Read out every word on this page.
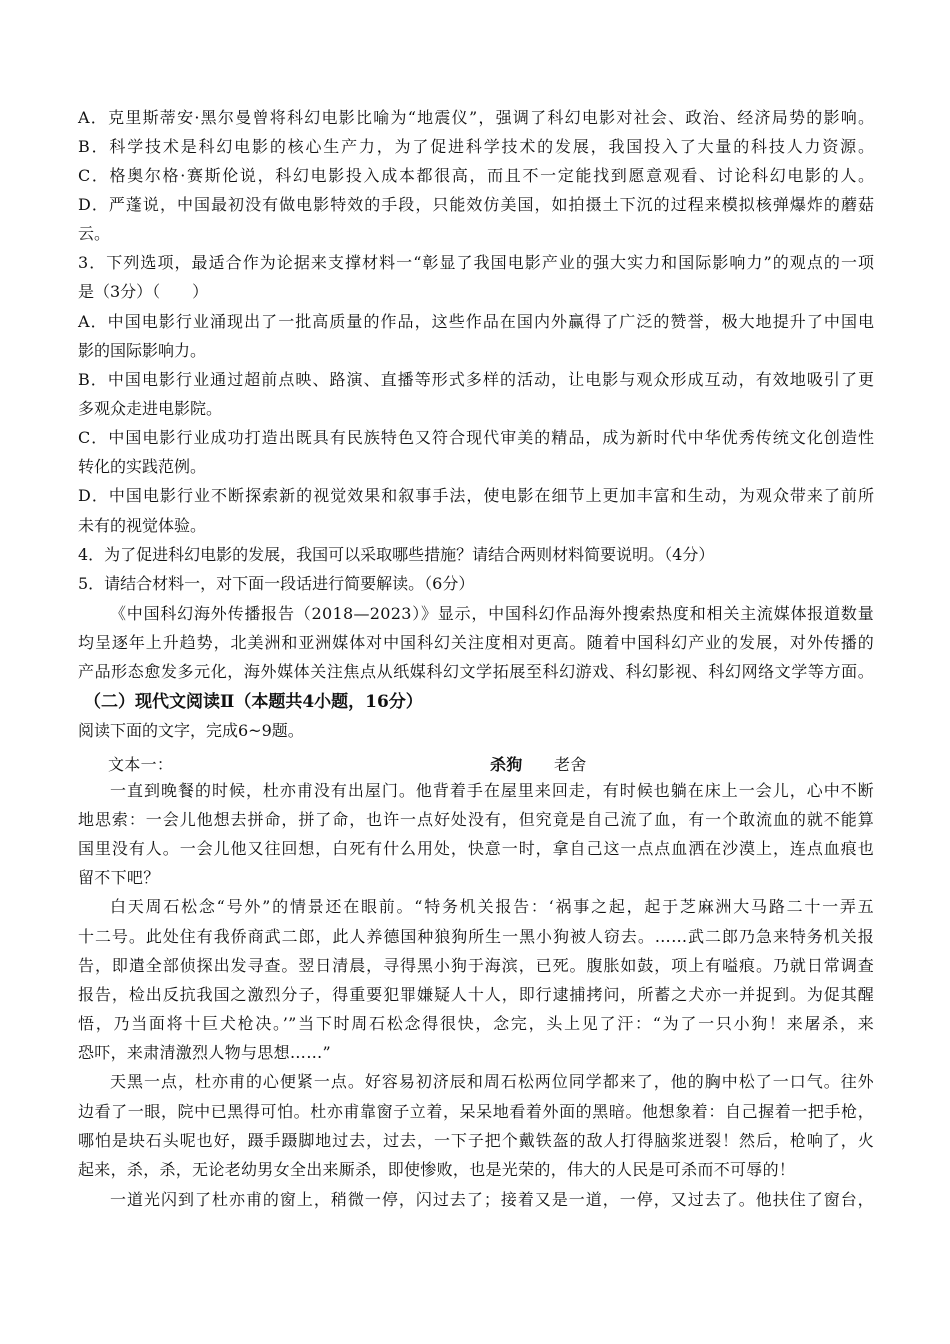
A．克里斯蒂安·黑尔曼曾将科幻电影比喻为“地震仪”，强调了科幻电影对社会、政治、经济局势的影响。

B．科学技术是科幻电影的核心生产力，为了促进科学技术的发展，我国投入了大量的科技人力资源。

C．格奥尔格·赛斯伦说，科幻电影投入成本都很高，而且不一定能找到愿意观看、讨论科幻电影的人。

D．严蓬说，中国最初没有做电影特效的手段，只能效仿美国，如拍摄土下沉的过程来模拟核弹爆炸的蘑菇

云。

3．下列选项，最适合作为论据来支撑材料一“彰显了我国电影产业的强大实力和国际影响力”的观点的一项

是（3分）（　　）

A．中国电影行业涌现出了一批高质量的作品，这些作品在国内外赢得了广泛的赞誉，极大地提升了中国电

影的国际影响力。

B．中国电影行业通过超前点映、路演、直播等形式多样的活动，让电影与观众形成互动，有效地吸引了更

多观众走进电影院。

C．中国电影行业成功打造出既具有民族特色又符合现代审美的精品，成为新时代中华优秀传统文化创造性

转化的实践范例。

D．中国电影行业不断探索新的视觉效果和叙事手法，使电影在细节上更加丰富和生动，为观众带来了前所

未有的视觉体验。

4．为了促进科幻电影的发展，我国可以采取哪些措施？请结合两则材料简要说明。（4分）

5．请结合材料一，对下面一段话进行简要解读。（6分）

《中国科幻海外传播报告（2018—2023）》显示，中国科幻作品海外搜索热度和相关主流媒体报道数量

均呈逐年上升趋势，北美洲和亚洲媒体对中国科幻关注度相对更高。随着中国科幻产业的发展，对外传播的

产品形态愈发多元化，海外媒体关注焦点从纸媒科幻文学拓展至科幻游戏、科幻影视、科幻网络文学等方面。

（二）现代文阅读Ⅱ（本题共4小题，16分）

阅读下面的文字，完成6~9题。

文本一：	杀狗 老舍

一直到晚餐的时候，杜亦甫没有出屋门。他背着手在屋里来回走，有时候也躺在床上一会儿，心中不断

地思索：一会儿他想去拼命，拼了命，也许一点好处没有，但究竟是自己流了血，有一个敢流血的就不能算

国里没有人。一会儿他又往回想，白死有什么用处，快意一时，拿自己这一点点血洒在沙漠上，连点血痕也

留不下吧？

白天周石松念“号外”的情景还在眼前。“特务机关报告：‘祸事之起，起于芝麻洲大马路二十一弄五

十二号。此处住有我侨商武二郎，此人养德国种狼狗所生一黑小狗被人窃去。……武二郎乃急来特务机关报

告，即遣全部侦探出发寻查。翌日清晨，寻得黑小狗于海滨，已死。腹胀如鼓，项上有嗌痕。乃就日常调查

报告，检出反抗我国之激烈分子，得重要犯罪嫌疑人十人，即行逮捕拷问，所蓄之犬亦一并捉到。为促其醒

悟，乃当面将十巨犬枪决。’”当下时周石松念得很快，念完，头上见了汗：“为了一只小狗！来屠杀，来

恐吓，来肃清激烈人物与思想……”

天黑一点，杜亦甫的心便紧一点。好容易初济辰和周石松两位同学都来了，他的胸中松了一口气。往外

边看了一眼，院中已黑得可怕。杜亦甫靠窗子立着，呆呆地看着外面的黑暗。他想象着：自己握着一把手枪，

哪怕是块石头呢也好，蹑手蹑脚地过去，过去，一下子把个戴铁盔的敌人打得脑浆迸裂！然后，枪响了，火

起来，杀，杀，无论老幼男女全出来厮杀，即使惨败，也是光荣的，伟大的人民是可杀而不可辱的！

一道光闪到了杜亦甫的窗上，稍微一停，闪过去了；接着又是一道，一停，又过去了。他扶住了窗台，
